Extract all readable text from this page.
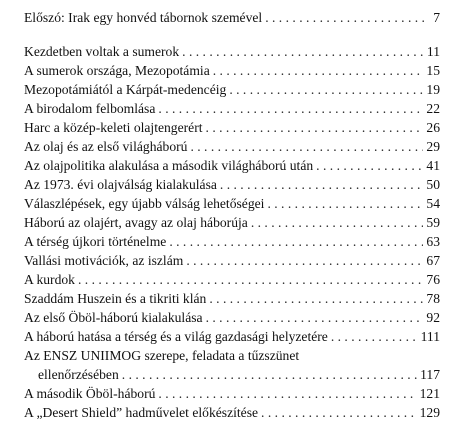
Előszó: Irak egy honvéd tábornok szemével . . .	7
Kezdetben voltak a sumerok . . .	11
A sumerok országa, Mezopotámia . . .	15
Mezopotámiától a Kárpát-medencéig . . .	19
A birodalom felbomlása . . .	22
Harc a közép-keleti olajtengerért . . .	26
Az olaj és az első világháború . . .	29
Az olajpolitika alakulása a második világháború után . . .	41
Az 1973. évi olajválság kialakulása . . .	50
Válaszlépések, egy újabb válság lehetőségei . . .	54
Háború az olajért, avagy az olaj háborúja . . .	59
A térség újkori történelme . . .	63
Vallási motivációk, az iszlám . . .	67
A kurdok . . .	76
Szaddám Huszein és a tikriti klán . . .	78
Az első Öböl-háború kialakulása . . .	92
A háború hatása a térség és a világ gazdasági helyzetére . . .	111
Az ENSZ UNIIMOG szerepe, feladata a tűzszünet
ellenőrzésében . . .	117
A második Öböl-háború . . .	121
A „Desert Shield” hadművelet előkészítése . . .	129
